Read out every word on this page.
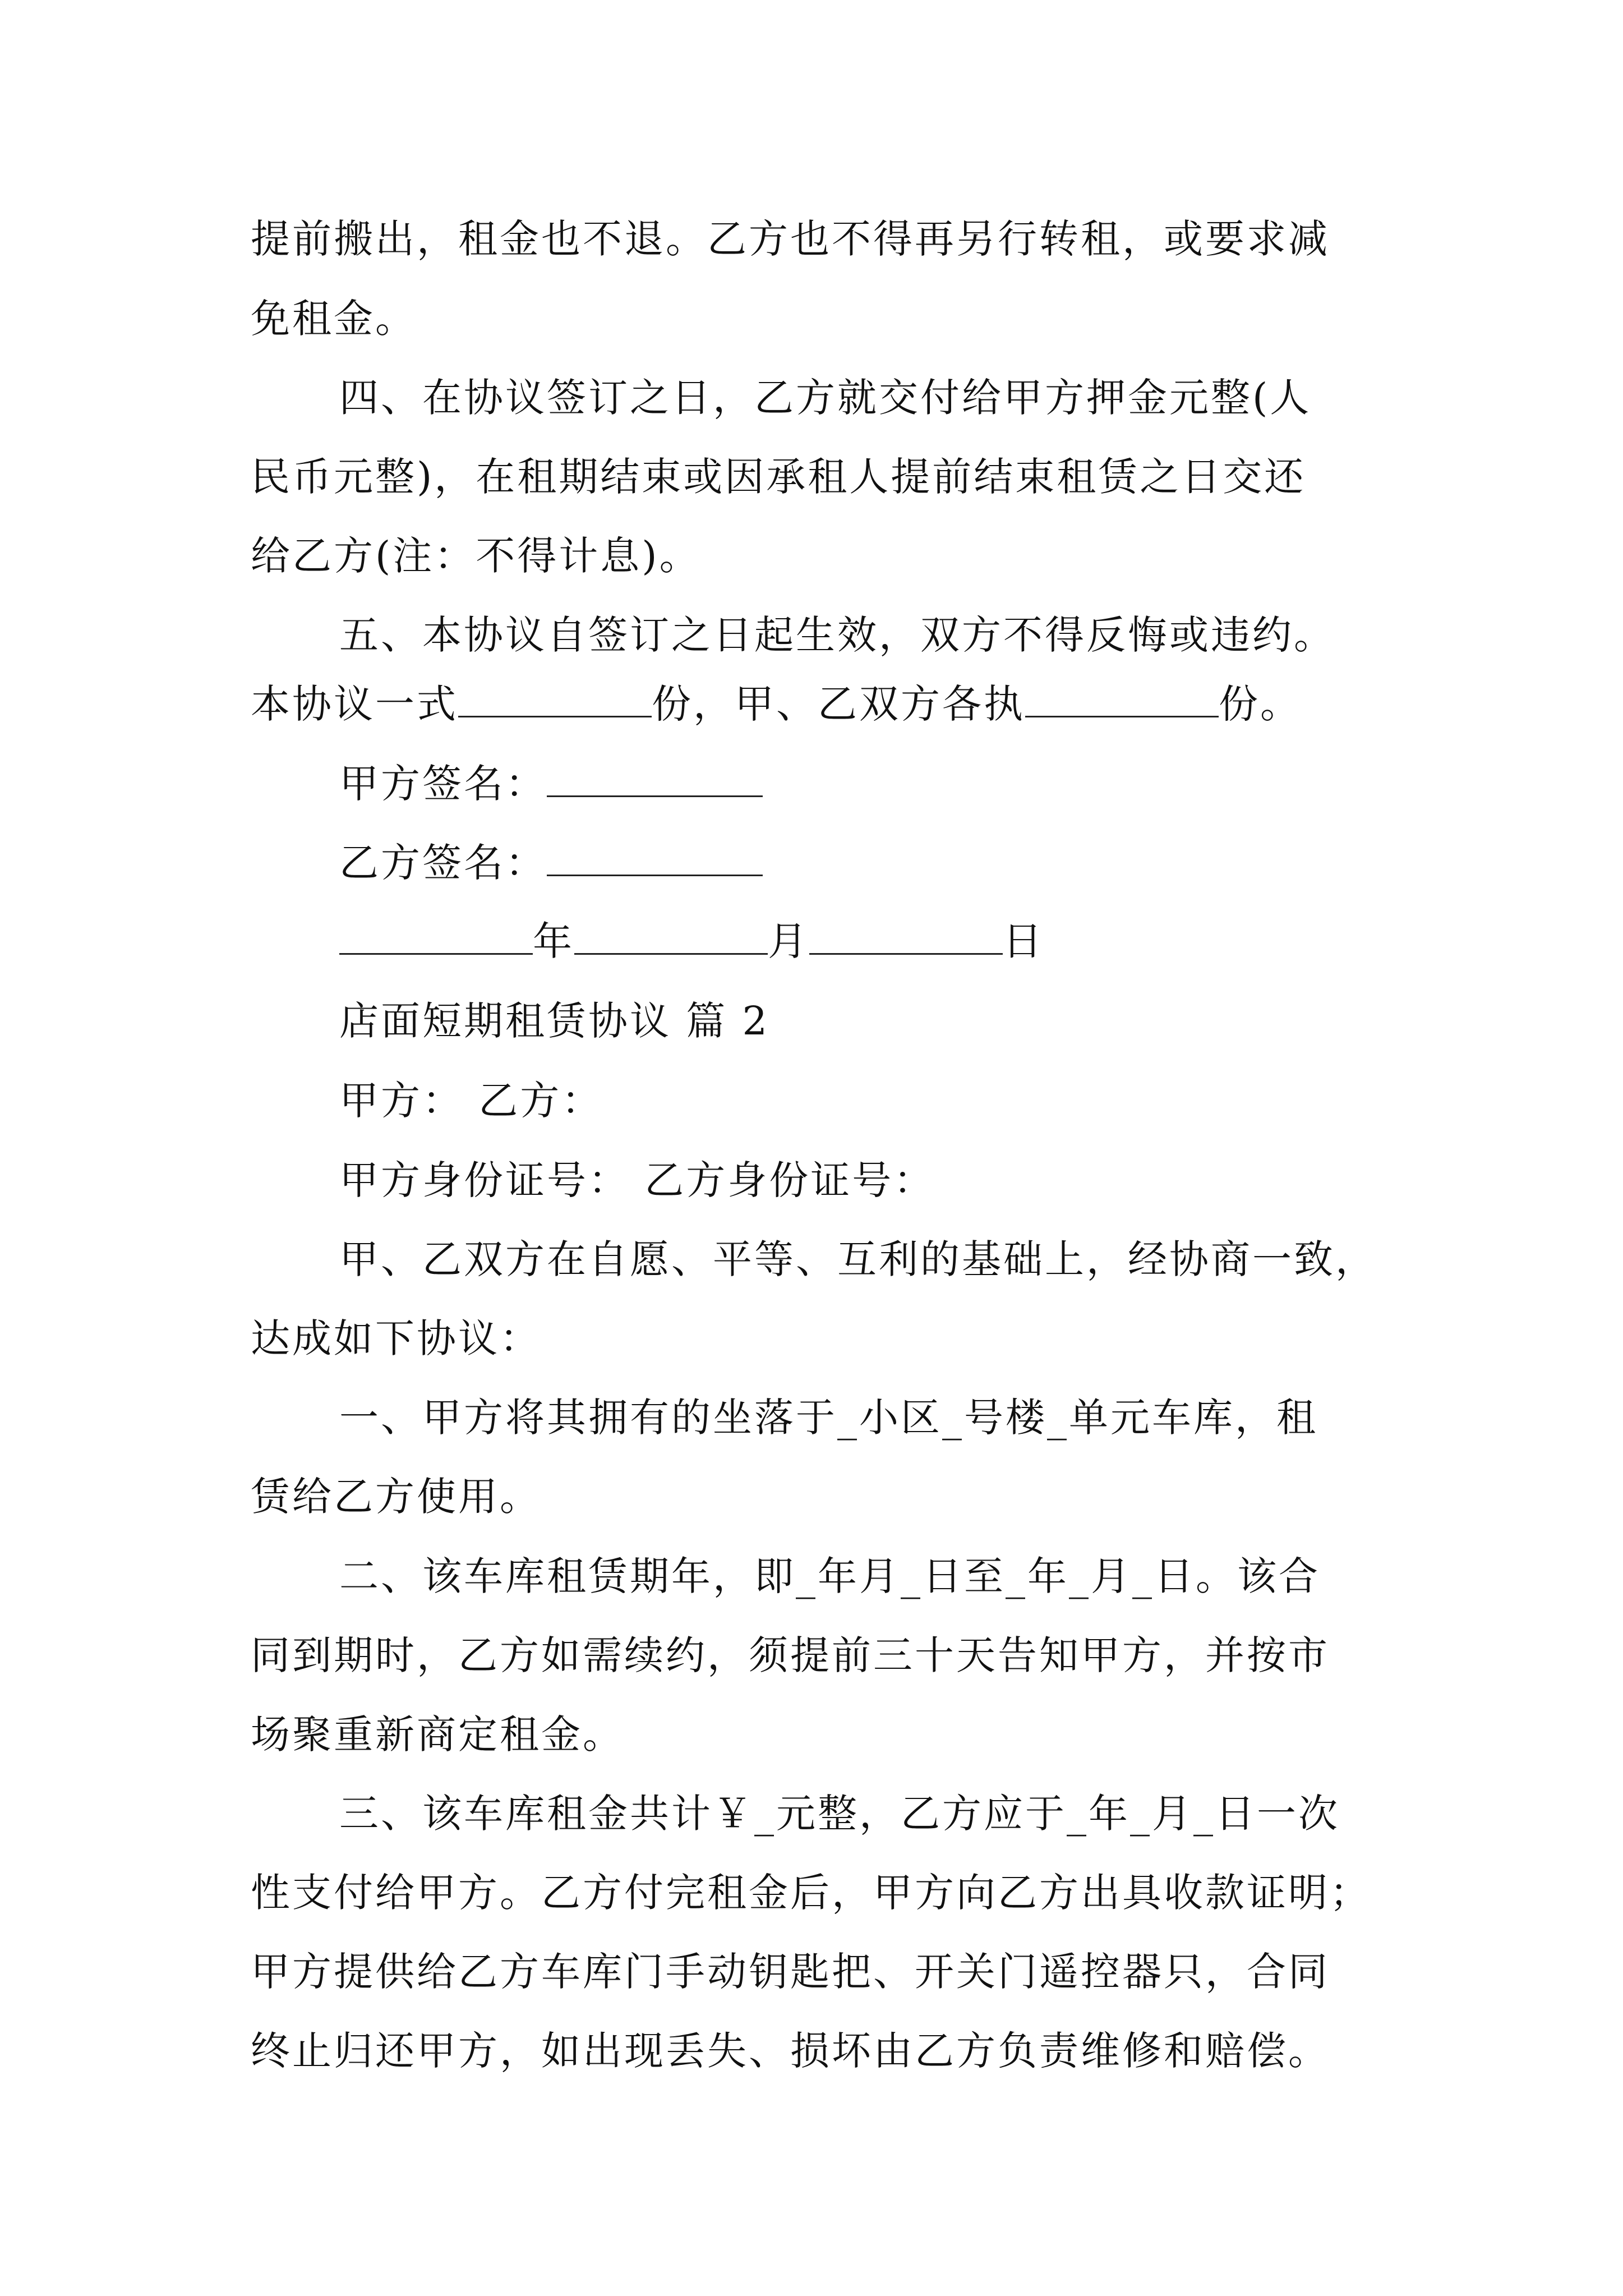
提前搬出，租金也不退。乙方也不得再另行转租，或要求减
免租金。
四、在协议签订之日，乙方就交付给甲方押金元整(人
民币元整)，在租期结束或因承租人提前结束租赁之日交还
给乙方(注：不得计息)。
五、本协议自签订之日起生效，双方不得反悔或违约。
本协议一式	份，甲、乙双方各执	份。
甲方签名：
乙方签名：
年	月	日
店面短期租赁协议 篇 2
甲方： 乙方：
甲方身份证号： 乙方身份证号：
甲、乙双方在自愿、平等、互利的基础上，经协商一致，
达成如下协议：
一、甲方将其拥有的坐落于_小区_号楼_单元车库，租
赁给乙方使用。
二、该车库租赁期年，即_年月_日至_年_月_日。该合
同到期时，乙方如需续约，须提前三十天告知甲方，并按市
场聚重新商定租金。
三、该车库租金共计￥_元整，乙方应于_年_月_日一次
性支付给甲方。乙方付完租金后，甲方向乙方出具收款证明；
甲方提供给乙方车库门手动钥匙把、开关门遥控器只，合同
终止归还甲方，如出现丢失、损坏由乙方负责维修和赔偿。
